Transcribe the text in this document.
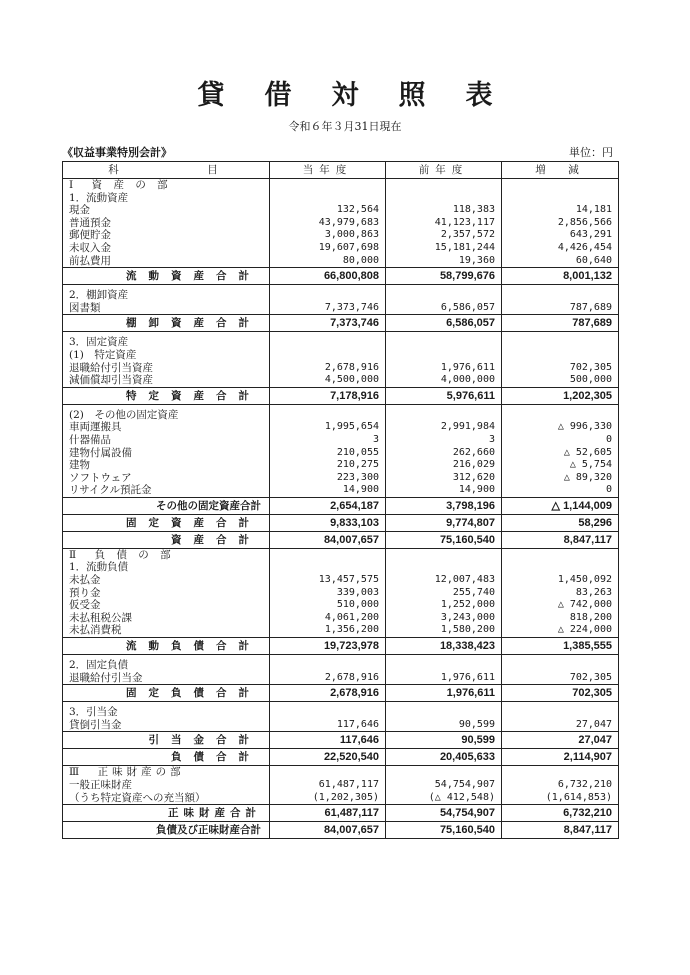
貸借対照表
令和６年３月31日現在
《収益事業特別会計》	単位：円
科　　　　　目	当年度	前年度	増　減
Ⅰ　資 産 の 部			
1．流動資産			
現金	132,564	118,383	14,181
普通預金	43,979,683	41,123,117	2,856,566
郵便貯金	3,000,863	2,357,572	643,291
未収入金	19,607,698	15,181,244	4,426,454
前払費用	80,000	19,360	60,640
流動資産合計	66,800,808	58,799,676	8,001,132

2．棚卸資産			
図書類	7,373,746	6,586,057	787,689
棚卸資産合計	7,373,746	6,586,057	787,689

3．固定資産			
(1)　特定資産			
退職給付引当資産	2,678,916	1,976,611	702,305
減価償却引当資産	4,500,000	4,000,000	500,000
特定資産合計	7,178,916	5,976,611	1,202,305

(2)　その他の固定資産			
車両運搬具	1,995,654	2,991,984	△ 996,330
什器備品	3	3	0
建物付属設備	210,055	262,660	△ 52,605
建物	210,275	216,029	△ 5,754
ソフトウェア	223,300	312,620	△ 89,320
リサイクル預託金	14,900	14,900	0
その他の固定資産合計	2,654,187	3,798,196	△ 1,144,009
固定資産合計	9,833,103	9,774,807	58,296
資産合計	84,007,657	75,160,540	8,847,117
Ⅱ　負 債 の 部			
1．流動負債			
未払金	13,457,575	12,007,483	1,450,092
預り金	339,003	255,740	83,263
仮受金	510,000	1,252,000	△ 742,000
未払租税公課	4,061,200	3,243,000	818,200
未払消費税	1,356,200	1,580,200	△ 224,000
流動負債合計	19,723,978	18,338,423	1,385,555

2．固定負債			
退職給付引当金	2,678,916	1,976,611	702,305
固定負債合計	2,678,916	1,976,611	702,305

3．引当金			
貸倒引当金	117,646	90,599	27,047
引当金合計	117,646	90,599	27,047
負債合計	22,520,540	20,405,633	2,114,907
Ⅲ　正味財産の部			
一般正味財産	61,487,117	54,754,907	6,732,210
（うち特定資産への充当額）	(1,202,305)	(△ 412,548)	(1,614,853)
正味財産合計	61,487,117	54,754,907	6,732,210
負債及び正味財産合計	84,007,657	75,160,540	8,847,117
